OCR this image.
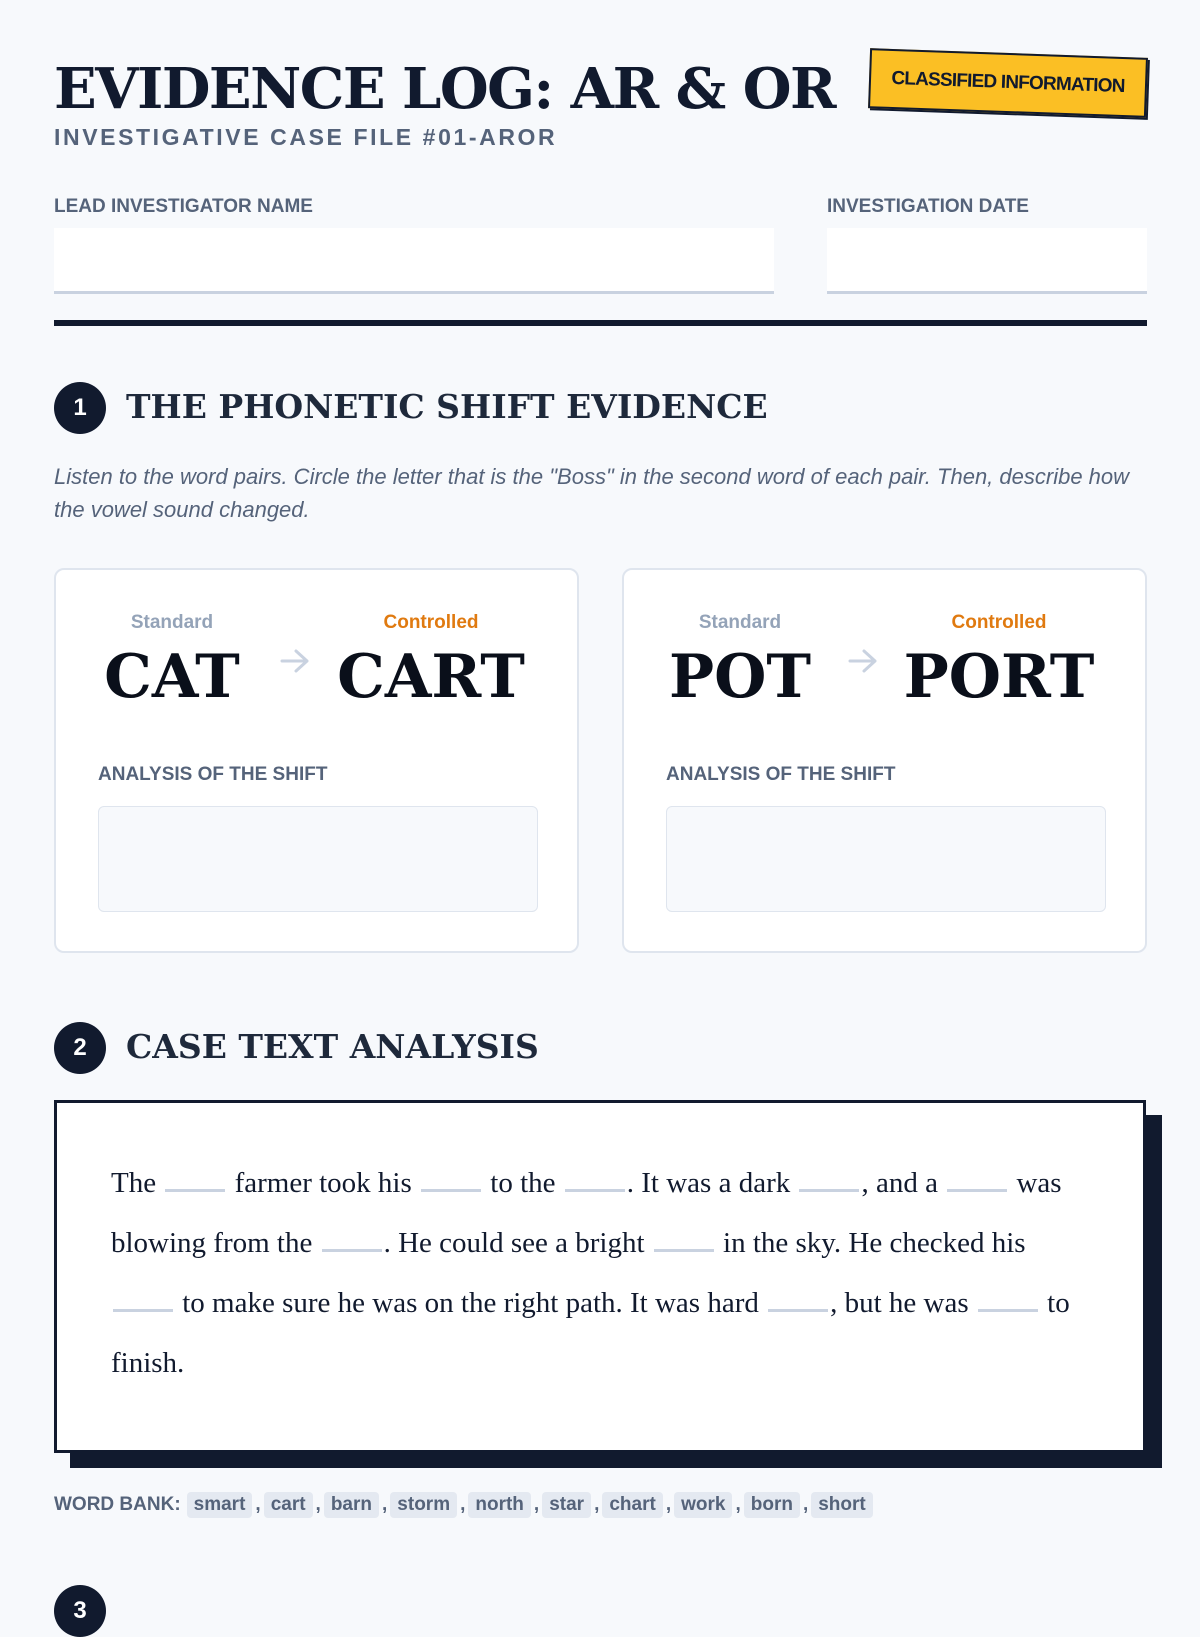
EVIDENCE LOG: AR & OR
INVESTIGATIVE CASE FILE #01-AROR
CLASSIFIED INFORMATION
LEAD INVESTIGATOR NAME	INVESTIGATION DATE
1	THE PHONETIC SHIFT EVIDENCE

Listen to the word pairs. Circle the letter that is the "Boss" in the second word of each pair. Then, describe how the vowel sound changed.

Standard
CAT
Controlled
CART
ANALYSIS OF THE SHIFT
Standard
POT
Controlled
PORT
ANALYSIS OF THE SHIFT
2	CASE TEXT ANALYSIS
The	farmer took his	to the . It was a dark , and a	was blowing from the . He could see a bright	in the sky. He checked his  to make sure he was on the right path. It was hard , but he was	to finish.
WORD BANK: smart , cart , barn , storm , north , star , chart , work , born , short
3
